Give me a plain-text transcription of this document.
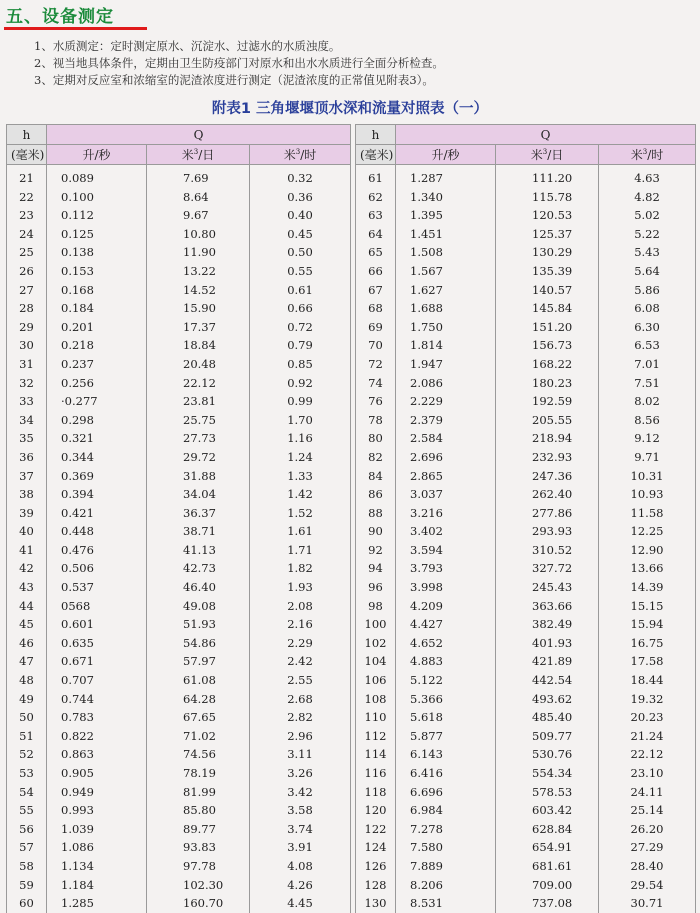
五、设备测定
1、水质测定：定时测定原水、沉淀水、过滤水的水质浊度。
2、视当地具体条件，定期由卫生防疫部门对原水和出水水质进行全面分析检查。
3、定期对反应室和浓缩室的泥渣浓度进行测定（泥渣浓度的正常值见附表3）。
附表1 三角堰堰顶水深和流量对照表（一）
h	Q		
(毫米)	升/秒	米$^3$/日	米$^3$/时
21	0.089	7.69	0.32
22	0.100	8.64	0.36
23	0.112	9.67	0.40
24	0.125	10.80	0.45
25	0.138	11.90	0.50
26	0.153	13.22	0.55
27	0.168	14.52	0.61
28	0.184	15.90	0.66
29	0.201	17.37	0.72
30	0.218	18.84	0.79
31	0.237	20.48	0.85
32	0.256	22.12	0.92
33	·0.277	23.81	0.99
34	0.298	25.75	1.70
35	0.321	27.73	1.16
36	0.344	29.72	1.24
37	0.369	31.88	1.33
38	0.394	34.04	1.42
39	0.421	36.37	1.52
40	0.448	38.71	1.61
41	0.476	41.13	1.71
42	0.506	42.73	1.82
43	0.537	46.40	1.93
44	0568	49.08	2.08
45	0.601	51.93	2.16
46	0.635	54.86	2.29
47	0.671	57.97	2.42
48	0.707	61.08	2.55
49	0.744	64.28	2.68
50	0.783	67.65	2.82
51	0.822	71.02	2.96
52	0.863	74.56	3.11
53	0.905	78.19	3.26
54	0.949	81.99	3.42
55	0.993	85.80	3.58
56	1.039	89.77	3.74
57	1.086	93.83	3.91
58	1.134	97.78	4.08
59	1.184	102.30	4.26
60	1.285	160.70	4.45
h	Q		
(毫米)	升/秒	米$^3$/日	米$^3$/时
61	1.287	111.20	4.63
62	1.340	115.78	4.82
63	1.395	120.53	5.02
64	1.451	125.37	5.22
65	1.508	130.29	5.43
66	1.567	135.39	5.64
67	1.627	140.57	5.86
68	1.688	145.84	6.08
69	1.750	151.20	6.30
70	1.814	156.73	6.53
72	1.947	168.22	7.01
74	2.086	180.23	7.51
76	2.229	192.59	8.02
78	2.379	205.55	8.56
80	2.584	218.94	9.12
82	2.696	232.93	9.71
84	2.865	247.36	10.31
86	3.037	262.40	10.93
88	3.216	277.86	11.58
90	3.402	293.93	12.25
92	3.594	310.52	12.90
94	3.793	327.72	13.66
96	3.998	245.43	14.39
98	4.209	363.66	15.15
100	4.427	382.49	15.94
102	4.652	401.93	16.75
104	4.883	421.89	17.58
106	5.122	442.54	18.44
108	5.366	493.62	19.32
110	5.618	485.40	20.23
112	5.877	509.77	21.24
114	6.143	530.76	22.12
116	6.416	554.34	23.10
118	6.696	578.53	24.11
120	6.984	603.42	25.14
122	7.278	628.84	26.20
124	7.580	654.91	27.29
126	7.889	681.61	28.40
128	8.206	709.00	29.54
130	8.531	737.08	30.71
